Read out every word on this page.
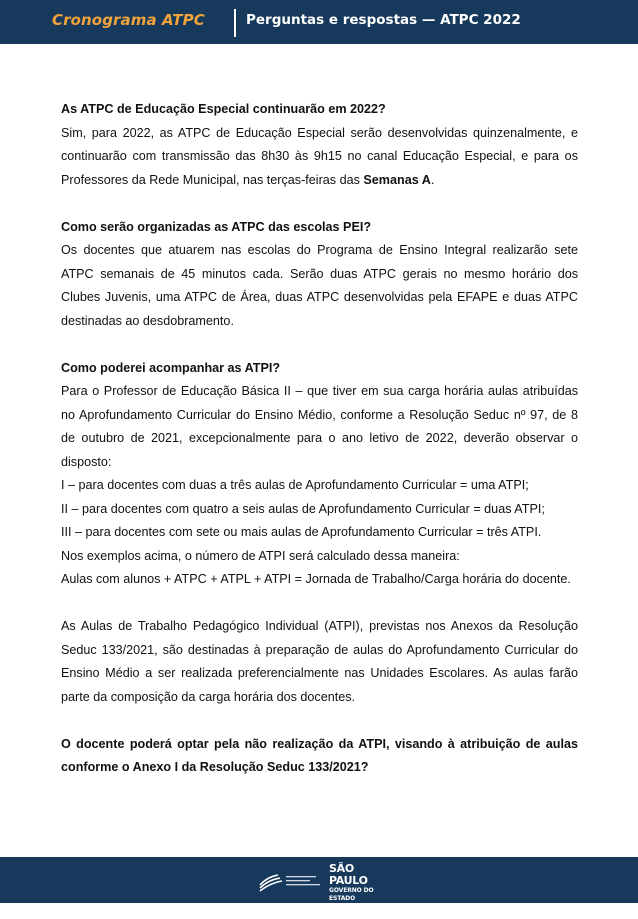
Cronograma ATPC	Perguntas e respostas — ATPC 2022

As ATPC de Educação Especial continuarão em 2022?

Sim, para 2022, as ATPC de Educação Especial serão desenvolvidas quinzenalmente, e continuarão com transmissão das 8h30 às 9h15 no canal Educação Especial, e para os Professores da Rede Municipal, nas terças-feiras das Semanas A.

Como serão organizadas as ATPC das escolas PEI?

Os docentes que atuarem nas escolas do Programa de Ensino Integral realizarão sete ATPC semanais de 45 minutos cada. Serão duas ATPC gerais no mesmo horário dos Clubes Juvenis, uma ATPC de Área, duas ATPC desenvolvidas pela EFAPE e duas ATPC destinadas ao desdobramento.

Como poderei acompanhar as ATPI?

Para o Professor de Educação Básica II – que tiver em sua carga horária aulas atribuídas no Aprofundamento Curricular do Ensino Médio, conforme a Resolução Seduc nº 97, de 8 de outubro de 2021, excepcionalmente para o ano letivo de 2022, deverão observar o disposto:

I – para docentes com duas a três aulas de Aprofundamento Curricular = uma ATPI;

II – para docentes com quatro a seis aulas de Aprofundamento Curricular = duas ATPI;

III – para docentes com sete ou mais aulas de Aprofundamento Curricular = três ATPI.

Nos exemplos acima, o número de ATPI será calculado dessa maneira:

Aulas com alunos + ATPC + ATPL + ATPI = Jornada de Trabalho/Carga horária do docente.

As Aulas de Trabalho Pedagógico Individual (ATPI), previstas nos Anexos da Resolução Seduc 133/2021, são destinadas à preparação de aulas do Aprofundamento Curricular do Ensino Médio a ser realizada preferencialmente nas Unidades Escolares. As aulas farão parte da composição da carga horária dos docentes.

O docente poderá optar pela não realização da ATPI, visando à atribuição de aulas conforme o Anexo I da Resolução Seduc 133/2021?

SÃO PAULO
GOVERNO DO ESTADO
Secretaria da Educação
